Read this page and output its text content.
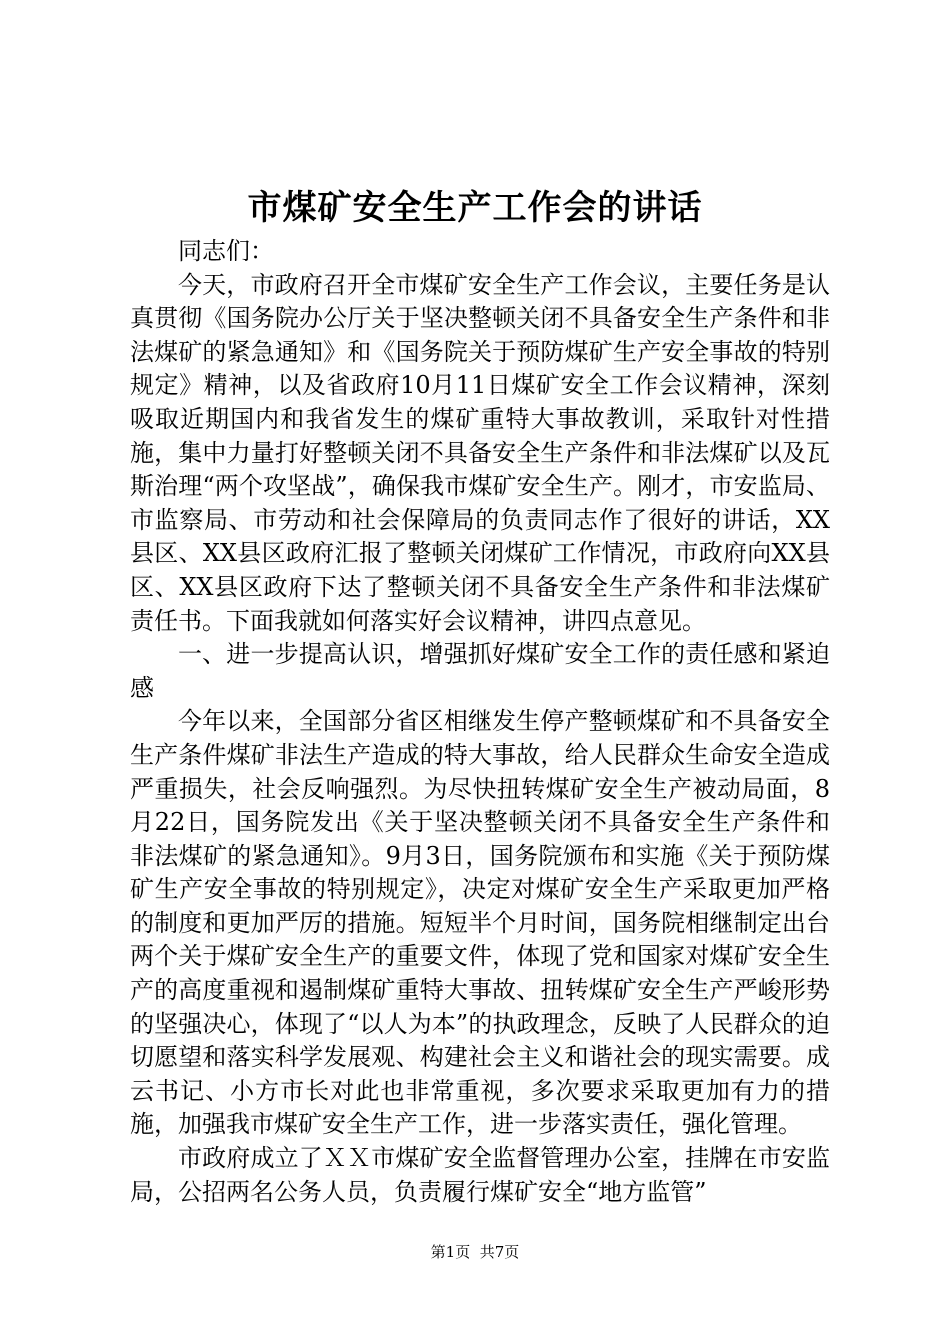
市煤矿安全生产工作会的讲话

同志们：

今天，市政府召开全市煤矿安全生产工作会议，主要任务是认真贯彻《国务院办公厅关于坚决整顿关闭不具备安全生产条件和非法煤矿的紧急通知》和《国务院关于预防煤矿生产安全事故的特别规定》精神，以及省政府10月11日煤矿安全工作会议精神，深刻吸取近期国内和我省发生的煤矿重特大事故教训，采取针对性措施，集中力量打好整顿关闭不具备安全生产条件和非法煤矿以及瓦斯治理“两个攻坚战”，确保我市煤矿安全生产。刚才，市安监局、市监察局、市劳动和社会保障局的负责同志作了很好的讲话，XX县区、XX县区政府汇报了整顿关闭煤矿工作情况，市政府向XX县区、XX县区政府下达了整顿关闭不具备安全生产条件和非法煤矿责任书。下面我就如何落实好会议精神，讲四点意见。

一、进一步提高认识，增强抓好煤矿安全工作的责任感和紧迫感

今年以来，全国部分省区相继发生停产整顿煤矿和不具备安全生产条件煤矿非法生产造成的特大事故，给人民群众生命安全造成严重损失，社会反响强烈。为尽快扭转煤矿安全生产被动局面，8月22日，国务院发出《关于坚决整顿关闭不具备安全生产条件和非法煤矿的紧急通知》。9月3日，国务院颁布和实施《关于预防煤矿生产安全事故的特别规定》，决定对煤矿安全生产采取更加严格的制度和更加严厉的措施。短短半个月时间，国务院相继制定出台两个关于煤矿安全生产的重要文件，体现了党和国家对煤矿安全生产的高度重视和遏制煤矿重特大事故、扭转煤矿安全生产严峻形势的坚强决心，体现了“以人为本”的执政理念，反映了人民群众的迫切愿望和落实科学发展观、构建社会主义和谐社会的现实需要。成云书记、小方市长对此也非常重视，多次要求采取更加有力的措施，加强我市煤矿安全生产工作，进一步落实责任，强化管理。

市政府成立了ＸＸ市煤矿安全监督管理办公室，挂牌在市安监局，公招两名公务人员，负责履行煤矿安全“地方监管”

第1页 共7页
